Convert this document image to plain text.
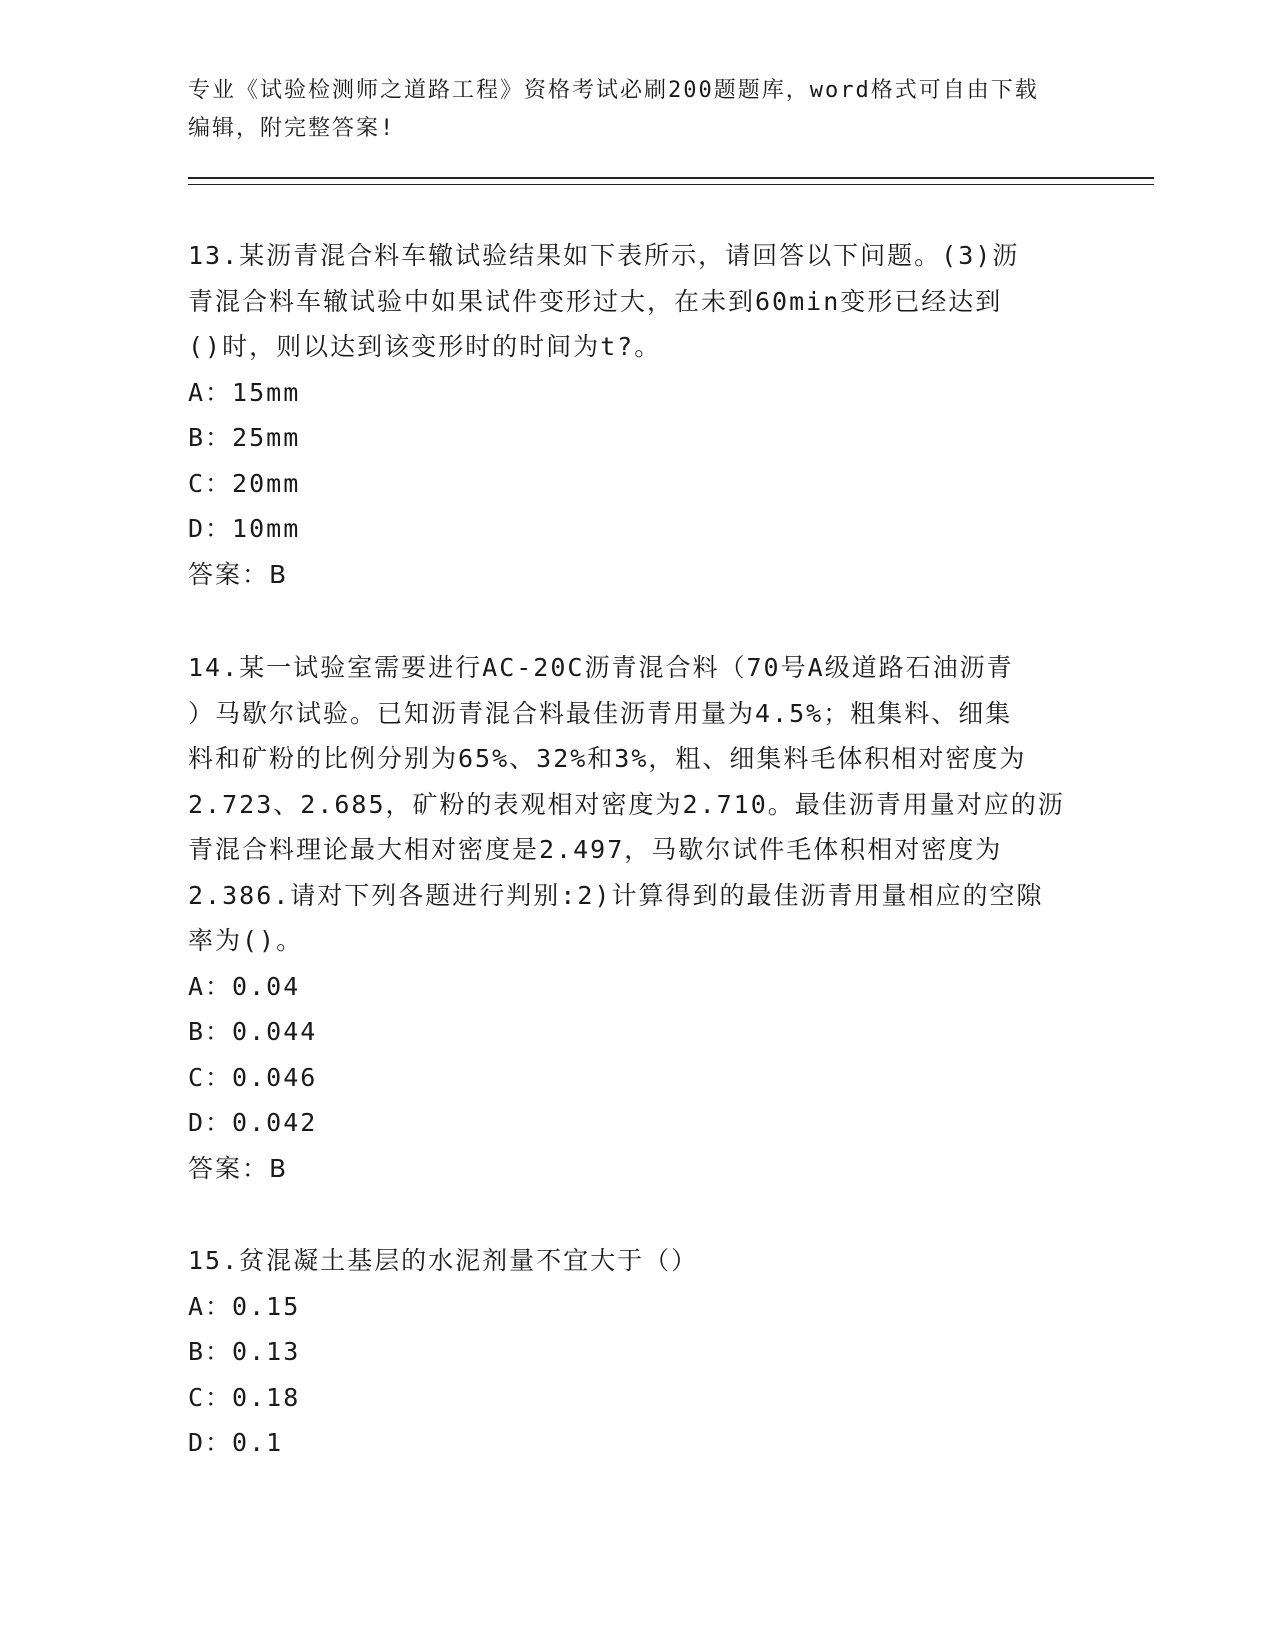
专业《试验检测师之道路工程》资格考试必刷200题题库，word格式可自由下载
编辑，附完整答案!

13.某沥青混合料车辙试验结果如下表所示，请回答以下问题。(3)沥

青混合料车辙试验中如果试件变形过大，在未到60min变形已经达到

()时，则以达到该变形时的时间为t?。

A：15mm

B：25mm

C：20mm

D：10mm

答案：B

14.某一试验室需要进行AC-20C沥青混合料（70号A级道路石油沥青

）马歇尔试验。已知沥青混合料最佳沥青用量为4.5%；粗集料、细集

料和矿粉的比例分别为65%、32%和3%，粗、细集料毛体积相对密度为

2.723、2.685，矿粉的表观相对密度为2.710。最佳沥青用量对应的沥

青混合料理论最大相对密度是2.497，马歇尔试件毛体积相对密度为

2.386.请对下列各题进行判别:2)计算得到的最佳沥青用量相应的空隙

率为()。

A：0.04

B：0.044

C：0.046

D：0.042

答案：B

15.贫混凝土基层的水泥剂量不宜大于（）

A：0.15

B：0.13

C：0.18

D：0.1
